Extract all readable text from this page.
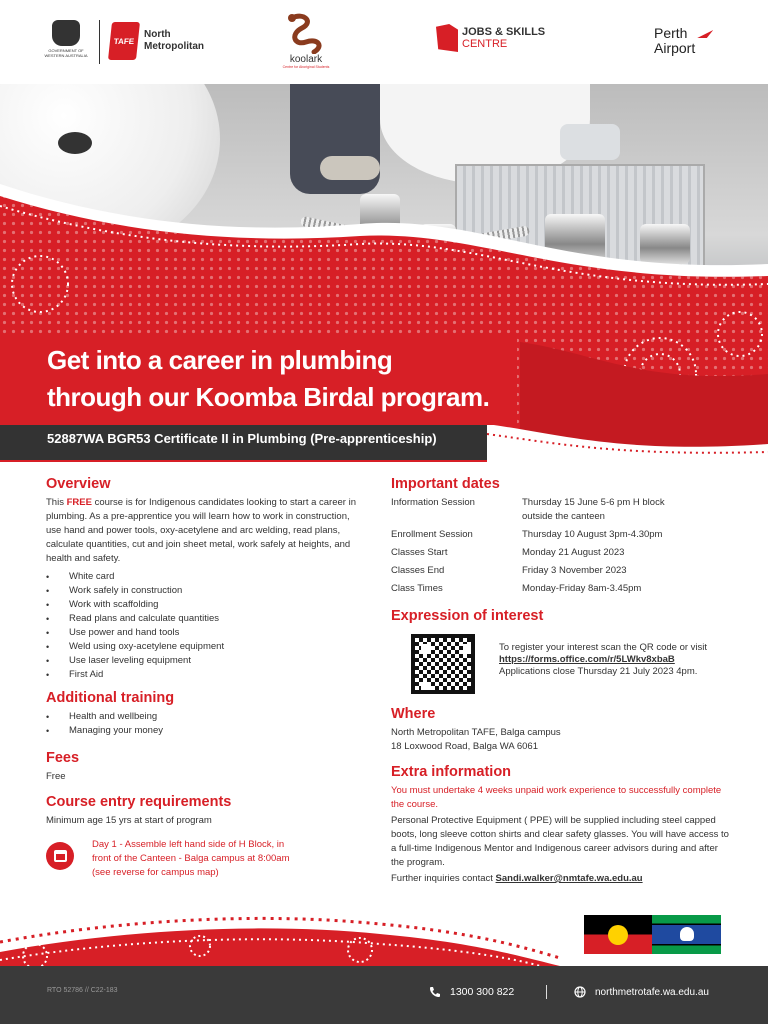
GOVERNMENT OF WESTERN AUSTRALIA
TAFE
North Metropolitan
koolark
Centre for Aboriginal Students
JOBS & SKILLS
CENTRE
Perth
Airport
Get into a career in plumbing
through our Koomba Birdal program.
52887WA BGR53 Certificate II in Plumbing (Pre-apprenticeship)
Overview

This FREE course is for Indigenous candidates looking to start a career in plumbing. As a pre-apprentice you will learn how to work in construction, use hand and power tools, oxy-acetylene and arc welding, read plans, calculate quantities, cut and join sheet metal, work safely at heights, and health and safety.

• White card
• Work safely in construction
• Work with scaffolding
• Read plans and calculate quantities
• Use power and hand tools
• Weld using oxy-acetylene equipment
• Use laser leveling equipment
• First Aid
Additional training
• Health and wellbeing
• Managing your money
Fees

Free

Course entry requirements

Minimum age 15 yrs at start of program

Day 1 - Assemble left hand side of H Block, in
front of the Canteen - Balga campus at 8:00am
(see reverse for campus map)

Important dates
Information Session	Thursday 15 June 5-6 pm H block outside the canteen
Enrollment Session	Thursday 10 August 3pm-4.30pm
Classes Start	Monday 21 August 2023
Classes End	Friday 3 November 2023
Class Times	Monday-Friday 8am-3.45pm
Expression of interest

To register your interest scan the QR code or visit

https://forms.office.com/r/5LWkv8xbaB

Applications close Thursday 21 July 2023 4pm.

Where

North Metropolitan TAFE, Balga campus

18 Loxwood Road, Balga WA 6061

Extra information

You must undertake 4 weeks unpaid work experience to successfully complete the course.

Personal Protective Equipment ( PPE) will be supplied including steel capped boots, long sleeve cotton shirts and clear safety glasses. You will have access to a full-time Indigenous Mentor and Indigenous career advisors during and after the program.

Further inquiries contact Sandi.walker@nmtafe.wa.edu.au

RTO 52786 // C22-183	1300 300 822	northmetrotafe.wa.edu.au
